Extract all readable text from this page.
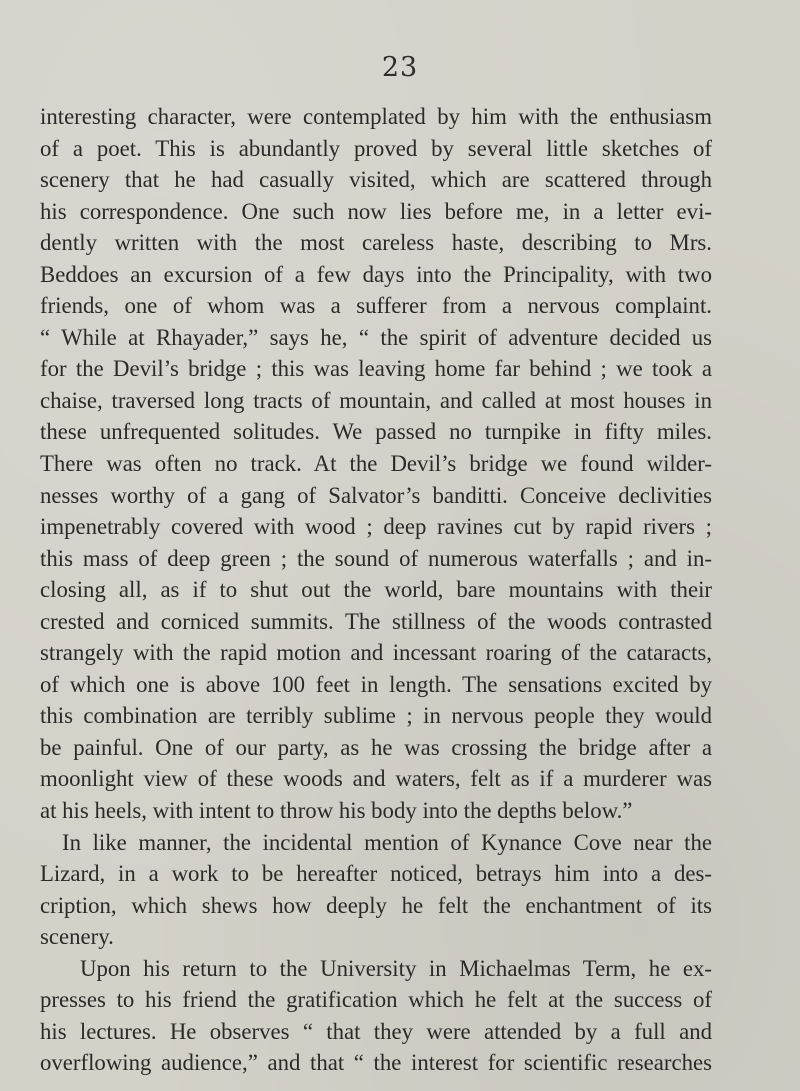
23
interesting character, were contemplated by him with the enthusiasm
of a poet. This is abundantly proved by several little sketches of
scenery that he had casually visited, which are scattered through
his correspondence. One such now lies before me, in a letter evi-
dently written with the most careless haste, describing to Mrs.
Beddoes an excursion of a few days into the Principality, with two
friends, one of whom was a sufferer from a nervous complaint.
“ While at Rhayader,” says he, “ the spirit of adventure decided us
for the Devil’s bridge ; this was leaving home far behind ; we took a
chaise, traversed long tracts of mountain, and called at most houses in
these unfrequented solitudes. We passed no turnpike in fifty miles.
There was often no track. At the Devil’s bridge we found wilder-
nesses worthy of a gang of Salvator’s banditti. Conceive declivities
impenetrably covered with wood ; deep ravines cut by rapid rivers ;
this mass of deep green ; the sound of numerous waterfalls ; and in-
closing all, as if to shut out the world, bare mountains with their
crested and corniced summits. The stillness of the woods contrasted
strangely with the rapid motion and incessant roaring of the cataracts,
of which one is above 100 feet in length. The sensations excited by
this combination are terribly sublime ; in nervous people they would
be painful. One of our party, as he was crossing the bridge after a
moonlight view of these woods and waters, felt as if a murderer was
at his heels, with intent to throw his body into the depths below.”
In like manner, the incidental mention of Kynance Cove near the
Lizard, in a work to be hereafter noticed, betrays him into a des-
cription, which shews how deeply he felt the enchantment of its
scenery.
Upon his return to the University in Michaelmas Term, he ex-
presses to his friend the gratification which he felt at the success of
his lectures. He observes “ that they were attended by a full and
overflowing audience,” and that “ the interest for scientific researches
